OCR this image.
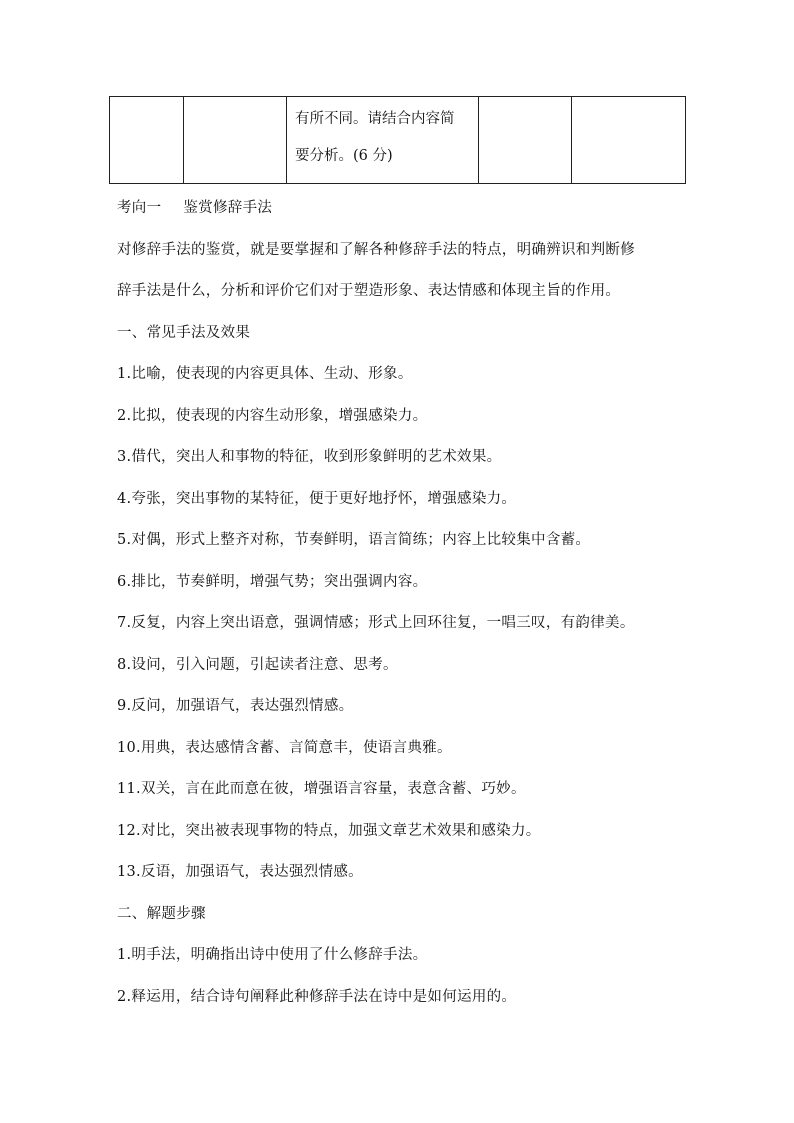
有所不同。请结合内容简
要分析。(6 分)

考向一 鉴赏修辞手法
对修辞手法的鉴赏，就是要掌握和了解各种修辞手法的特点，明确辨识和判断修
辞手法是什么，分析和评价它们对于塑造形象、表达情感和体现主旨的作用。
一、常见手法及效果
1.比喻，使表现的内容更具体、生动、形象。
2.比拟，使表现的内容生动形象，增强感染力。
3.借代，突出人和事物的特征，收到形象鲜明的艺术效果。
4.夸张，突出事物的某特征，便于更好地抒怀，增强感染力。
5.对偶，形式上整齐对称，节奏鲜明，语言简练；内容上比较集中含蓄。
6.排比，节奏鲜明，增强气势；突出强调内容。
7.反复，内容上突出语意，强调情感；形式上回环往复，一唱三叹，有韵律美。
8.设问，引入问题，引起读者注意、思考。
9.反问，加强语气，表达强烈情感。
10.用典，表达感情含蓄、言简意丰，使语言典雅。
11.双关，言在此而意在彼，增强语言容量，表意含蓄、巧妙。
12.对比，突出被表现事物的特点，加强文章艺术效果和感染力。
13.反语，加强语气，表达强烈情感。
二、解题步骤
1.明手法，明确指出诗中使用了什么修辞手法。
2.释运用，结合诗句阐释此种修辞手法在诗中是如何运用的。
